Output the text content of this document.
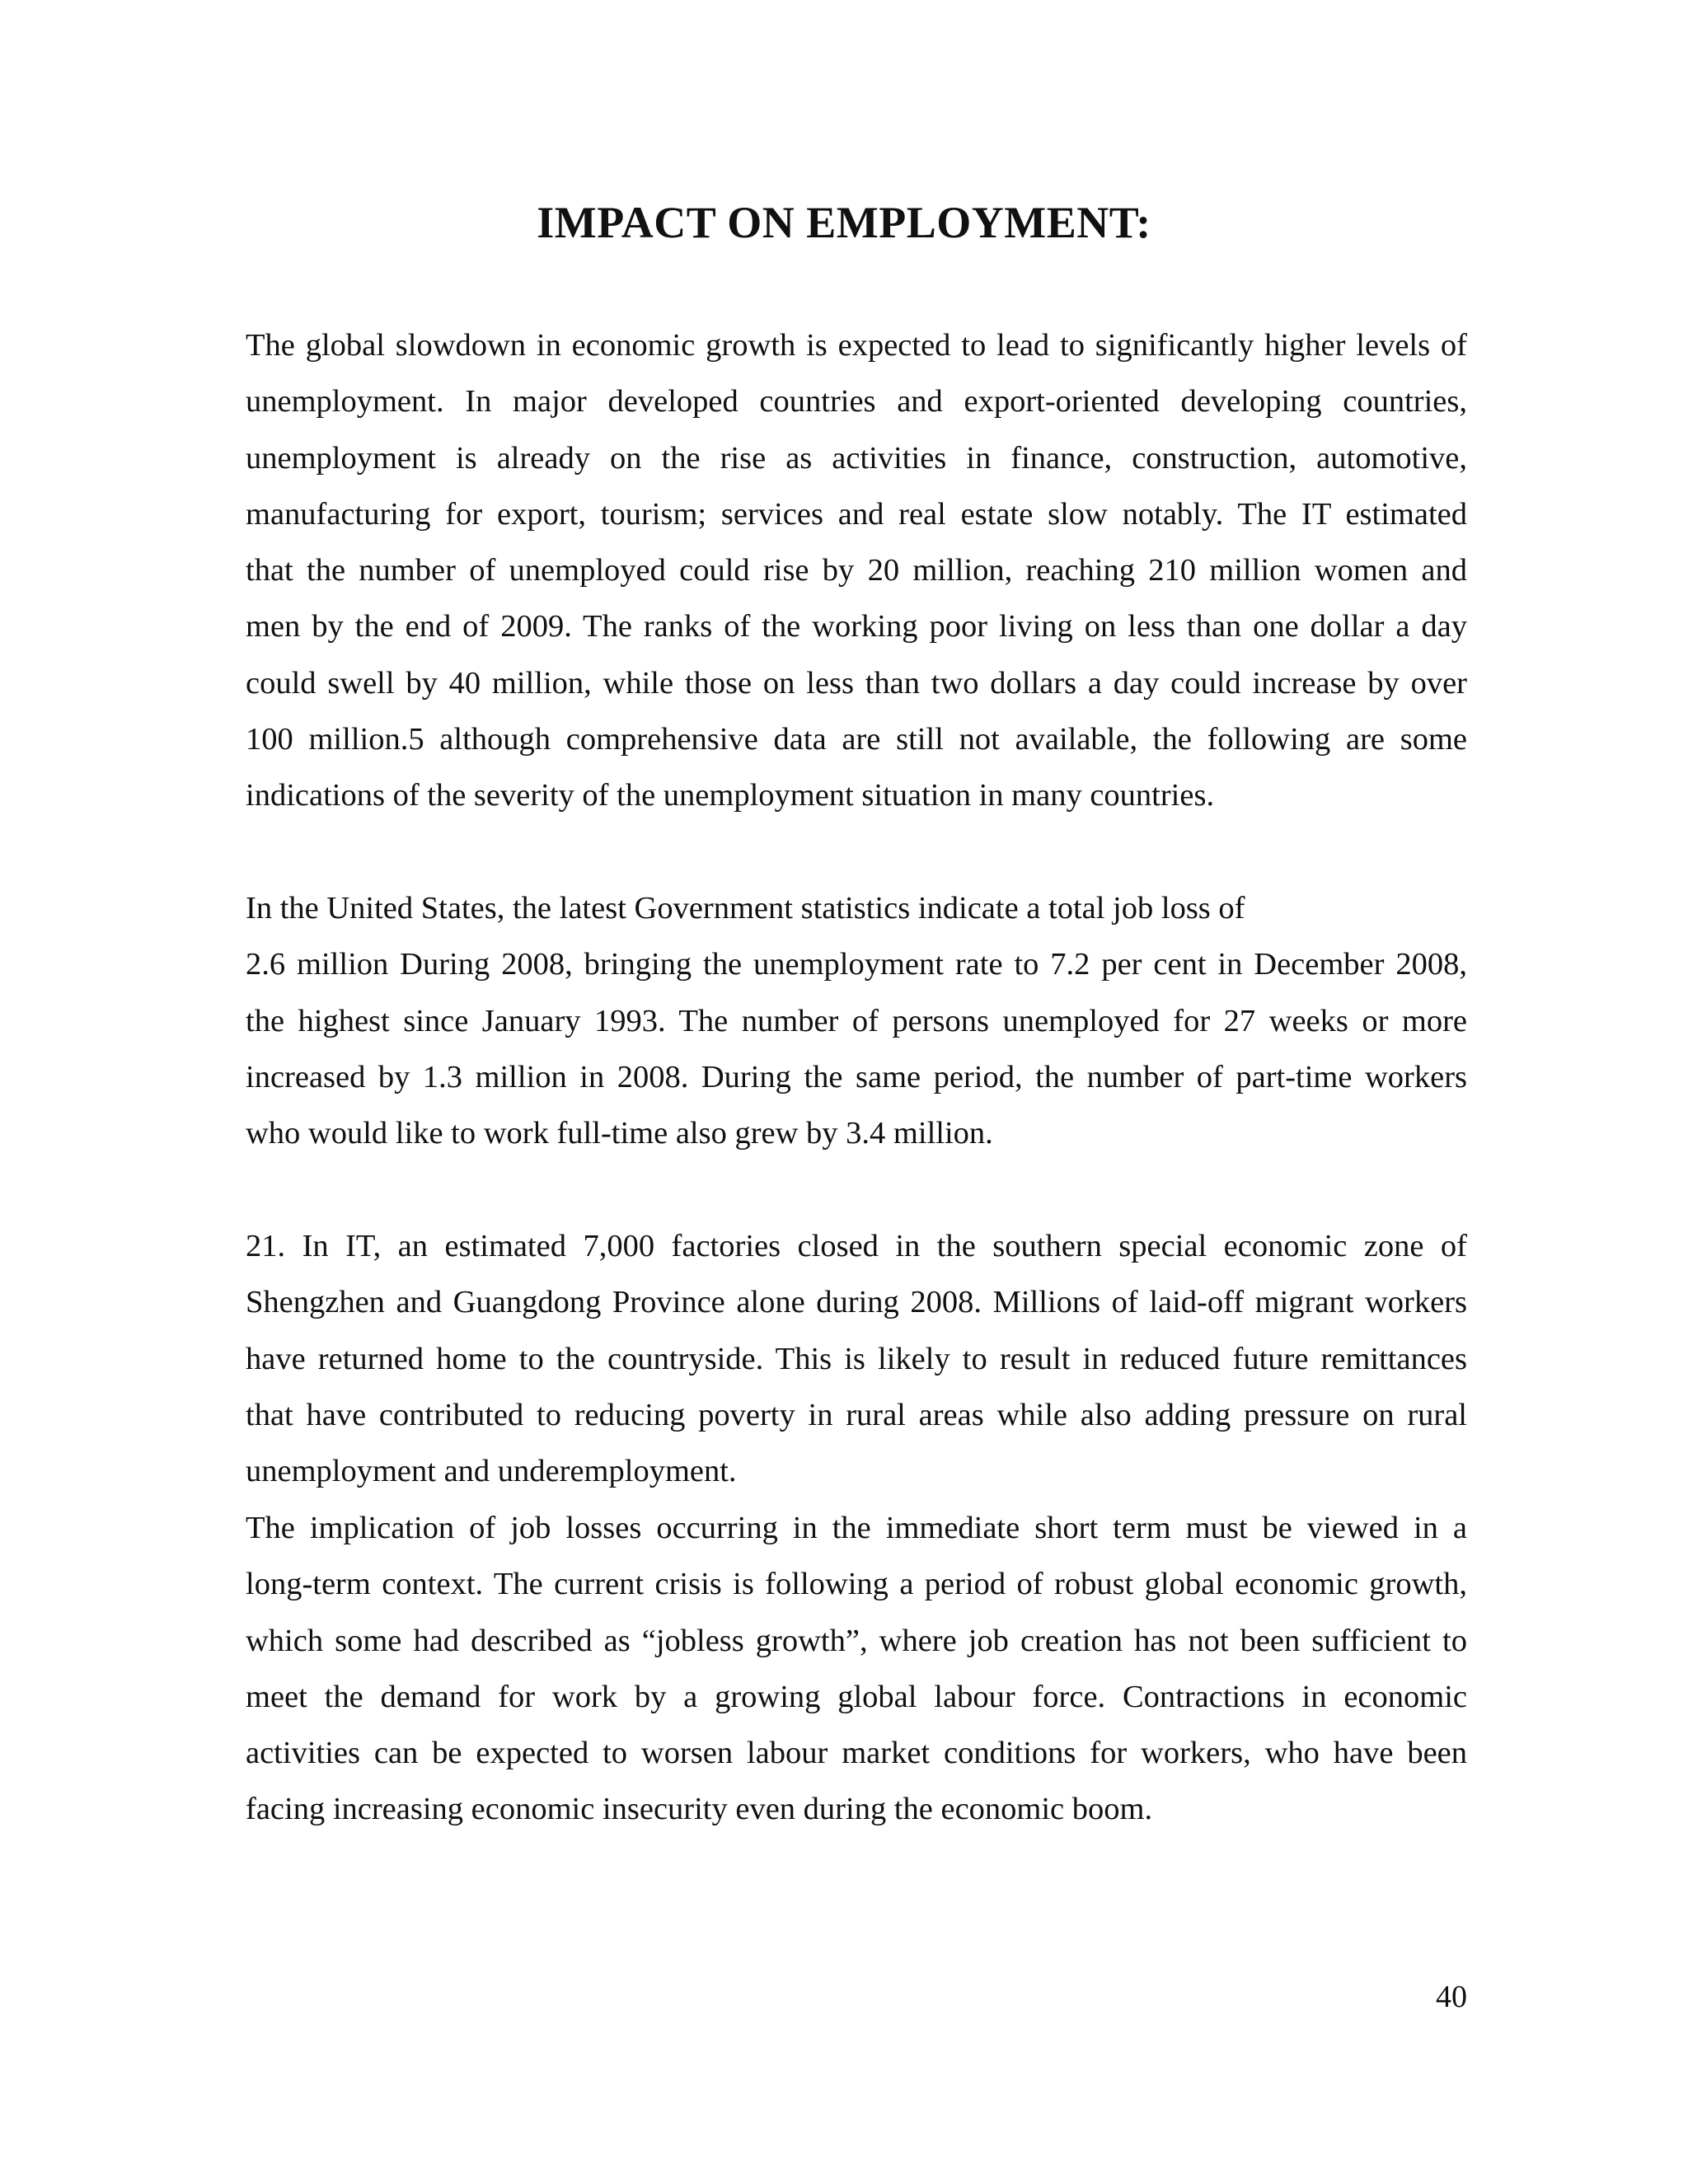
IMPACT ON EMPLOYMENT:

The global slowdown in economic growth is expected to lead to significantly higher levels of
unemployment. In major developed countries and export-oriented developing countries,
unemployment is already on the rise as activities in finance, construction, automotive,
manufacturing for export, tourism; services and real estate slow notably. The IT estimated
that the number of unemployed could rise by 20 million, reaching 210 million women and
men by the end of 2009. The ranks of the working poor living on less than one dollar a day
could swell by 40 million, while those on less than two dollars a day could increase by over
100 million.5 although comprehensive data are still not available, the following are some
indications of the severity of the unemployment situation in many countries.

In the United States, the latest Government statistics indicate a total job loss of
2.6 million During 2008, bringing the unemployment rate to 7.2 per cent in December 2008,
the highest since January 1993. The number of persons unemployed for 27 weeks or more
increased by 1.3 million in 2008. During the same period, the number of part-time workers
who would like to work full-time also grew by 3.4 million.

21. In IT, an estimated 7,000 factories closed in the southern special economic zone of
Shengzhen and Guangdong Province alone during 2008. Millions of laid-off migrant workers
have returned home to the countryside. This is likely to result in reduced future remittances
that have contributed to reducing poverty in rural areas while also adding pressure on rural
unemployment and underemployment.

The implication of job losses occurring in the immediate short term must be viewed in a
long-term context. The current crisis is following a period of robust global economic growth,
which some had described as “jobless growth”, where job creation has not been sufficient to
meet the demand for work by a growing global labour force. Contractions in economic
activities can be expected to worsen labour market conditions for workers, who have been
facing increasing economic insecurity even during the economic boom.

40
